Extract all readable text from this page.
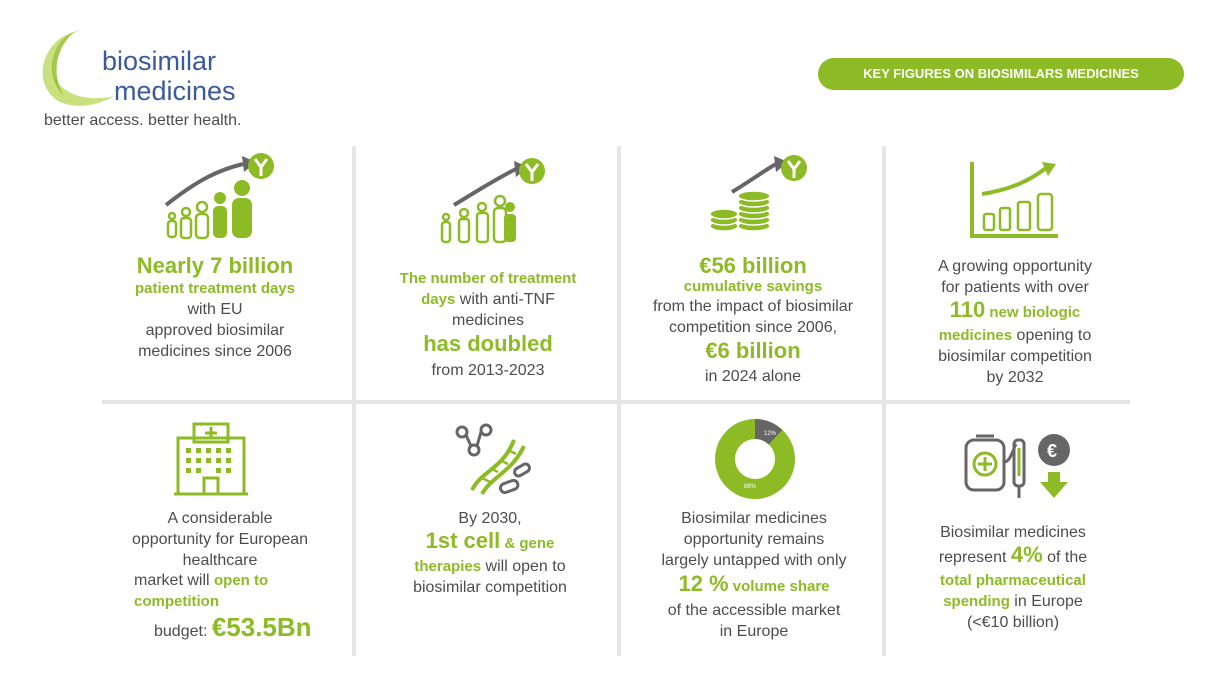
biosimilar
medicines
better access. better health.
KEY FIGURES ON BIOSIMILARS MEDICINES
Nearly 7 billion
patient treatment days
with EU
approved biosimilar
medicines since 2006
The number of treatment
days with anti-TNF
medicines
has doubled
from 2013-2023
€56 billion
cumulative savings
from the impact of biosimilar
competition since 2006,
€6 billion
in 2024 alone
A growing opportunity
for patients with over
110 new biologic
medicines opening to
biosimilar competition
by 2032
A considerable
opportunity for European
healthcare
market will open to
competition
budget: €53.5Bn
By 2030,
1st cell & gene
therapies will open to
biosimilar competition
12%
88%
Biosimilar medicines
opportunity remains
largely untapped with only
12 % volume share
of the accessible market
in Europe
€
Biosimilar medicines
represent 4% of the
total pharmaceutical
spending in Europe
(<€10 billion)
